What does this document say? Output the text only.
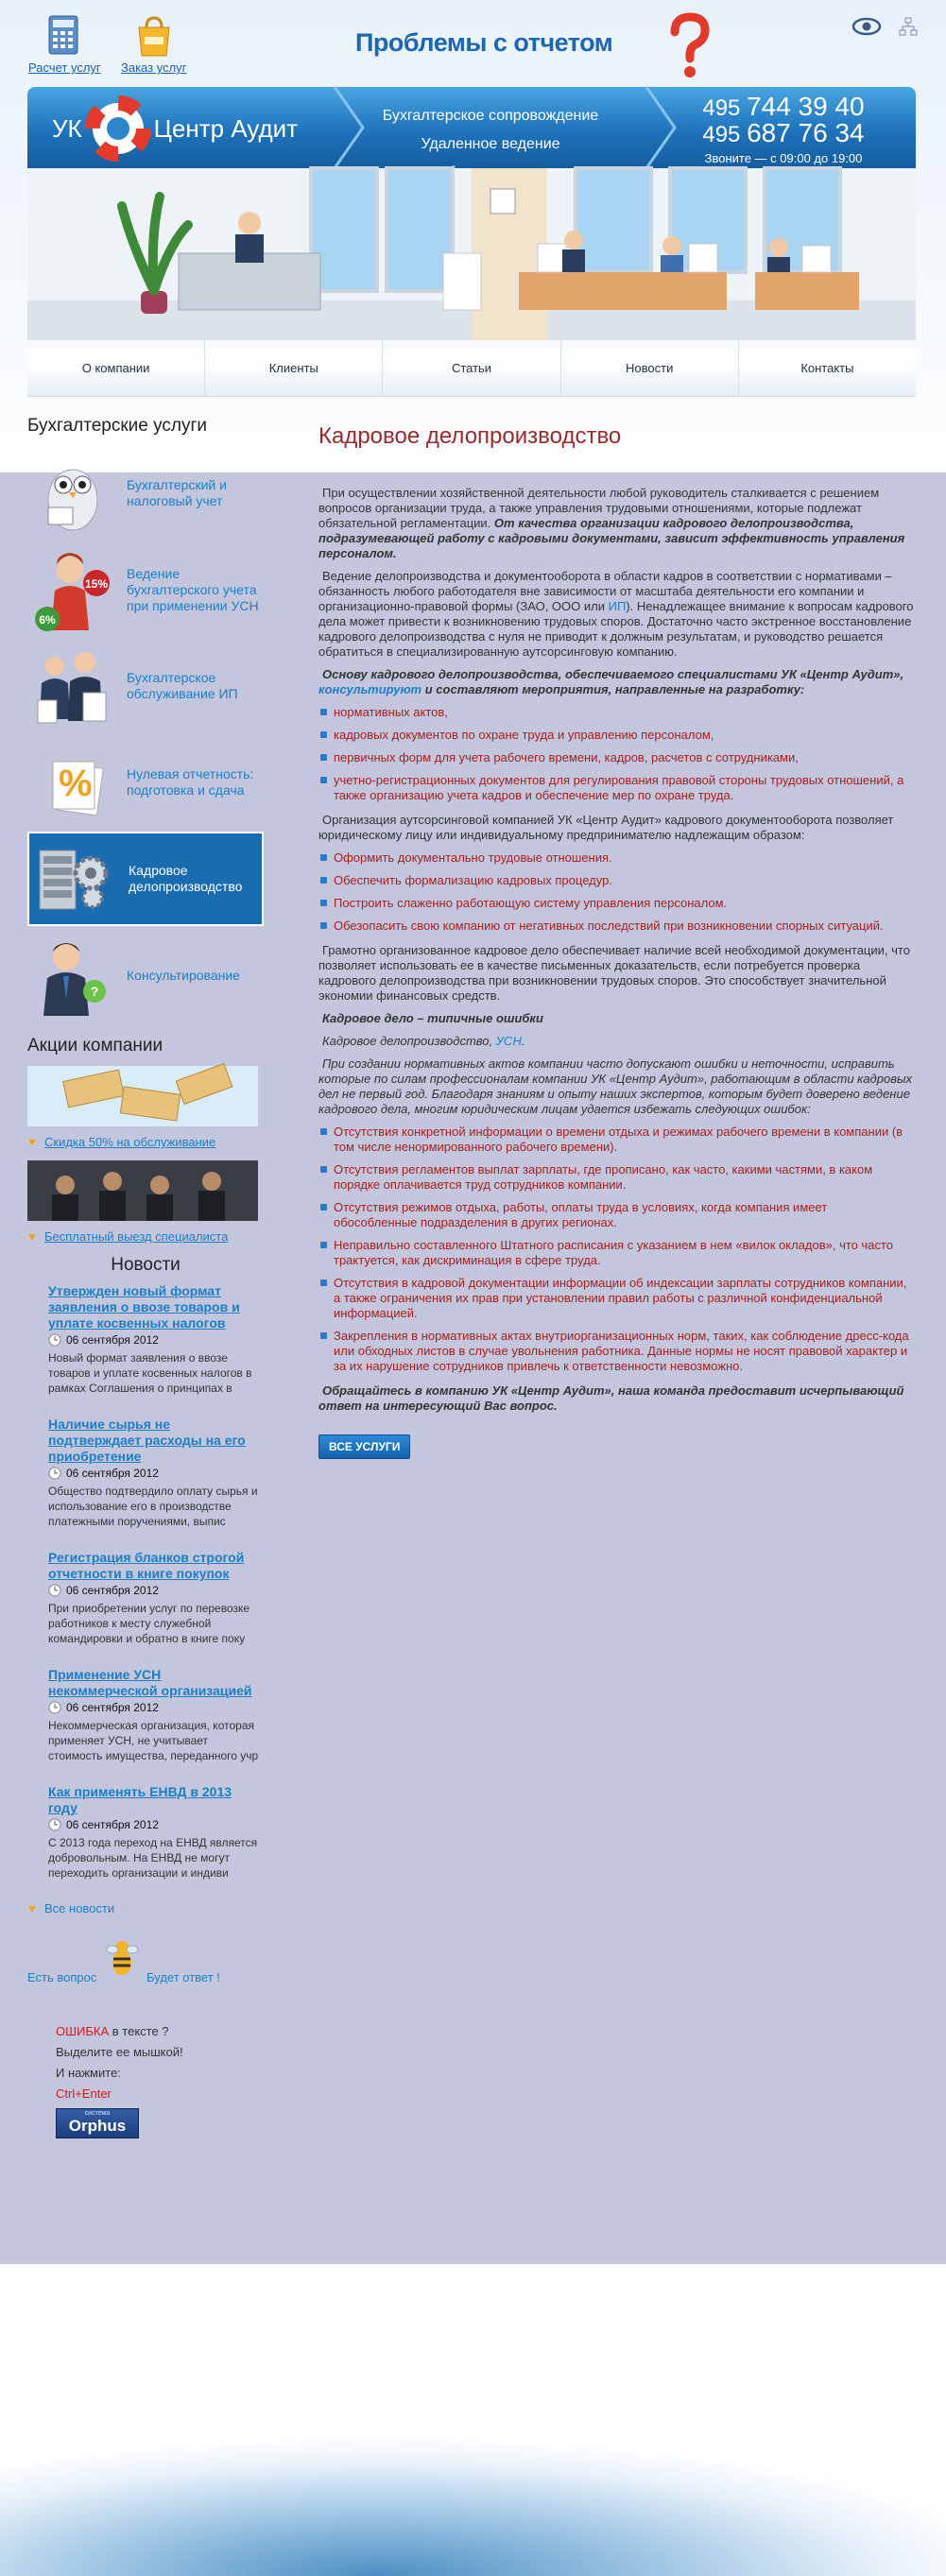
Расчет услуг Заказ услуг
Проблемы с отчетом
УК	Центр Аудит	Бухгалтерское сопровождение
Удаленное ведение
495 744 39 40
495 687 76 34
Звоните — с 09:00 до 19:00
О компании	Клиенты	Статьи	Новости	Контакты
Бухгалтерские услуги
Бухгалтерский и налоговый учет
15%
6%
Ведение бухгалтерского учета при применении УСН
Бухгалтерское обслуживание ИП
%	Нулевая отчетность: подготовка и сдача
Кадровое делопроизводство
?
Консультирование
Акции компании
Скидка 50% на обслуживание
Бесплатный выезд специалиста
Новости
Утвержден новый формат заявления о ввозе товаров и уплате косвенных налогов
06 сентября 2012
Новый формат заявления о ввозе товаров и уплате косвенных налогов в рамках Соглашения о принципах в
Наличие сырья не подтверждает расходы на его приобретение
06 сентября 2012
Общество подтвердило оплату сырья и использование его в производстве платежными поручениями, выпис
Регистрация бланков строгой отчетности в книге покупок
06 сентября 2012
При приобретении услуг по перевозке работников к месту служебной командировки и обратно в книге поку
Применение УСН некоммерческой организацией
06 сентября 2012
Некоммерческая организация, которая применяет УСН, не учитывает стоимость имущества, переданного учр
Как применять ЕНВД в 2013 году
06 сентября 2012
С 2013 года переход на ЕНВД является добровольным. На ЕНВД не могут переходить организации и индиви
Все новости
Есть вопрос	Будет ответ !
ОШИБКА в тексте ?
Выделите ее мышкой!
И нажмите:
Ctrl+Enter
система
Orphus
Кадровое делопроизводство

При осуществлении хозяйственной деятельности любой руководитель сталкивается с решением вопросов организации труда, а также управления трудовыми отношениями, которые подлежат обязательной регламентации. От качества организации кадрового делопроизводства, подразумевающей работу с кадровыми документами, зависит эффективность управления персоналом.

Ведение делопроизводства и документооборота в области кадров в соответствии с нормативами – обязанность любого работодателя вне зависимости от масштаба деятельности его компании и организационно-правовой формы (ЗАО, ООО или ИП). Ненадлежащее внимание к вопросам кадрового дела может привести к возникновению трудовых споров. Достаточно часто экстренное восстановление кадрового делопроизводства с нуля не приводит к должным результатам, и руководство решается обратиться в специализированную аутсорсинговую компанию.

Основу кадрового делопроизводства, обеспечиваемого специалистами УК «Центр Аудит», консультируют и составляют мероприятия, направленные на разработку:

нормативных актов,
кадровых документов по охране труда и управлению персоналом,
первичных форм для учета рабочего времени, кадров, расчетов с сотрудниками,
учетно-регистрационных документов для регулирования правовой стороны трудовых отношений, а также организацию учета кадров и обеспечение мер по охране труда.

Организация аутсорсинговой компанией УК «Центр Аудит» кадрового документооборота позволяет юридическому лицу или индивидуальному предпринимателю надлежащим образом:

Оформить документально трудовые отношения.
Обеспечить формализацию кадровых процедур.
Построить слаженно работающую систему управления персоналом.
Обезопасить свою компанию от негативных последствий при возникновении спорных ситуаций.

Грамотно организованное кадровое дело обеспечивает наличие всей необходимой документации, что позволяет использовать ее в качестве письменных доказательств, если потребуется проверка кадрового делопроизводства при возникновении трудовых споров. Это способствует значительной экономии финансовых средств.

Кадровое дело – типичные ошибки

Кадровое делопроизводство, УСН.

При создании нормативных актов компании часто допускают ошибки и неточности, исправить которые по силам профессионалам компании УК «Центр Аудит», работающим в области кадровых дел не первый год. Благодаря знаниям и опыту наших экспертов, которым будет доверено ведение кадрового дела, многим юридическим лицам удается избежать следующих ошибок:

Отсутствия конкретной информации о времени отдыха и режимах рабочего времени в компании (в том числе ненормированного рабочего времени).
Отсутствия регламентов выплат зарплаты, где прописано, как часто, какими частями, в каком порядке оплачивается труд сотрудников компании.
Отсутствия режимов отдыха, работы, оплаты труда в условиях, когда компания имеет обособленные подразделения в других регионах.
Неправильно составленного Штатного расписания с указанием в нем «вилок окладов», что часто трактуется, как дискриминация в сфере труда.
Отсутствия в кадровой документации информации об индексации зарплаты сотрудников компании, а также ограничения их прав при установлении правил работы с различной конфиденциальной информацией.
Закрепления в нормативных актах внутриорганизационных норм, таких, как соблюдение дресс-кода или обходных листов в случае увольнения работника. Данные нормы не носят правовой характер и за их нарушение сотрудников привлечь к ответственности невозможно.

Обращайтесь в компанию УК «Центр Аудит», наша команда предоставит исчерпывающий ответ на интересующий Вас вопрос.

ВСЕ УСЛУГИ
